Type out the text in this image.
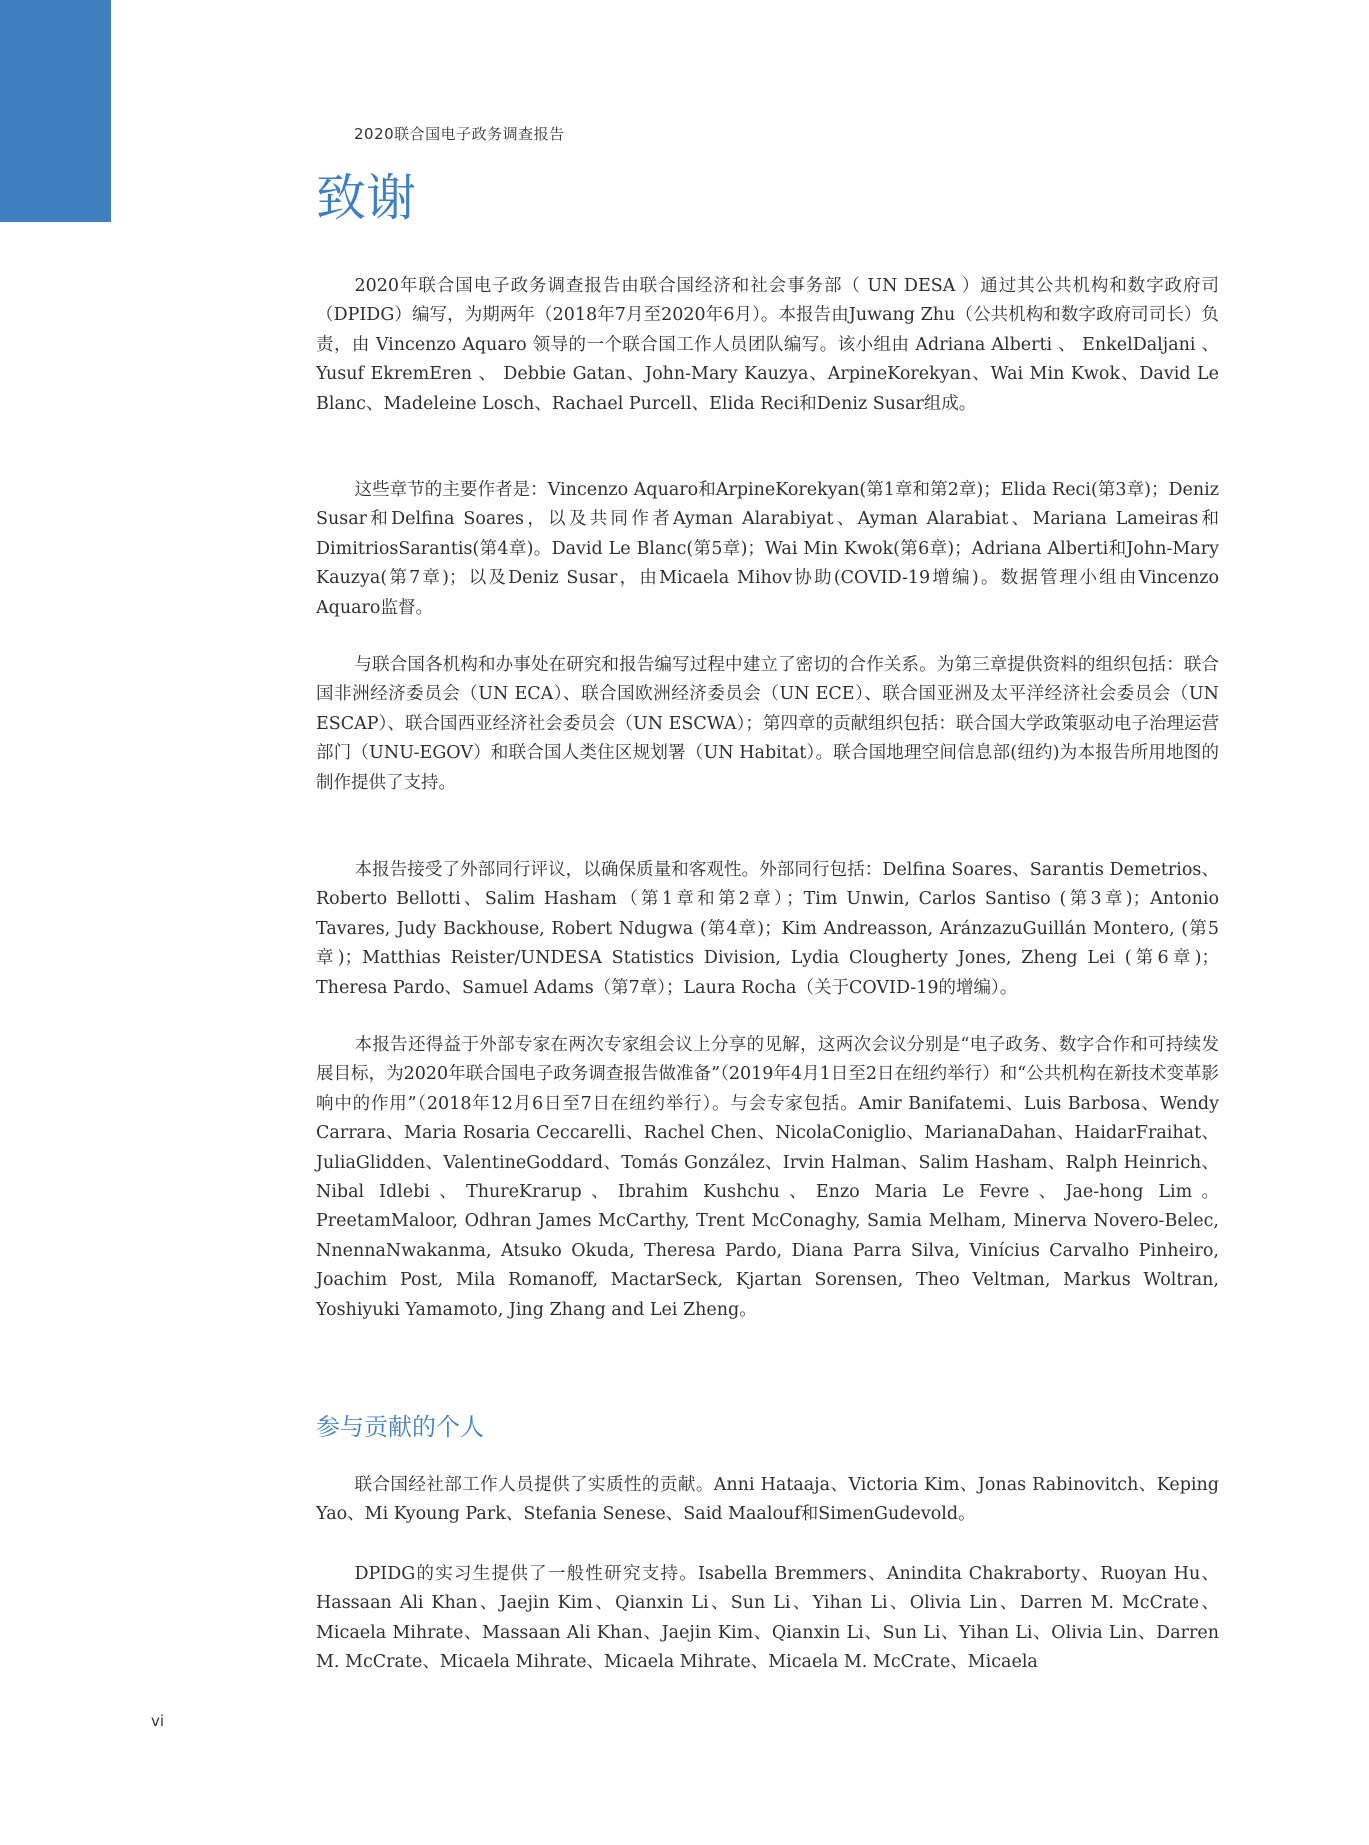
2020联合国电子政务调查报告
致谢

2020年联合国电子政务调查报告由联合国经济和社会事务部（ UN DESA ）通过其公共机构和数字政府司（DPIDG）编写，为期两年（2018年7月至2020年6月）。本报告由Juwang Zhu（公共机构和数字政府司司长）负责，由 Vincenzo Aquaro 领导的一个联合国工作人员团队编写。该小组由 Adriana Alberti 、 EnkelDaljani 、 Yusuf EkremEren 、 Debbie Gatan、John-Mary Kauzya、ArpineKorekyan、Wai Min Kwok、David Le Blanc、Madeleine Losch、Rachael Purcell、Elida Reci和Deniz Susar组成。

这些章节的主要作者是：Vincenzo Aquaro和ArpineKorekyan(第1章和第2章)；Elida Reci(第3章)；Deniz Susar和Delfina Soares，以及共同作者Ayman Alarabiyat、Ayman Alarabiat、Mariana Lameiras和DimitriosSarantis(第4章)。David Le Blanc(第5章)；Wai Min Kwok(第6章)；Adriana Alberti和John-Mary Kauzya(第7章)；以及Deniz Susar，由Micaela Mihov协助(COVID-19增编)。数据管理小组由Vincenzo Aquaro监督。

与联合国各机构和办事处在研究和报告编写过程中建立了密切的合作关系。为第三章提供资料的组织包括：联合国非洲经济委员会（UN ECA）、联合国欧洲经济委员会（UN ECE）、联合国亚洲及太平洋经济社会委员会（UN ESCAP）、联合国西亚经济社会委员会（UN ESCWA）；第四章的贡献组织包括：联合国大学政策驱动电子治理运营部门（UNU-EGOV）和联合国人类住区规划署（UN Habitat）。联合国地理空间信息部(纽约)为本报告所用地图的制作提供了支持。

本报告接受了外部同行评议，以确保质量和客观性。外部同行包括：Delfina Soares、Sarantis Demetrios、Roberto Bellotti、Salim Hasham（第1章和第2章）；Tim Unwin, Carlos Santiso (第3章)；Antonio Tavares, Judy Backhouse, Robert Ndugwa (第4章)；Kim Andreasson, AránzazuGuillán Montero, (第5章)；Matthias Reister/UNDESA Statistics Division, Lydia Clougherty Jones, Zheng Lei (第6章)；Theresa Pardo、Samuel Adams（第7章）；Laura Rocha（关于COVID-19的增编）。

本报告还得益于外部专家在两次专家组会议上分享的见解，这两次会议分别是“电子政务、数字合作和可持续发展目标，为2020年联合国电子政务调查报告做准备”（2019年4月1日至2日在纽约举行）和“公共机构在新技术变革影响中的作用”（2018年12月6日至7日在纽约举行）。与会专家包括。Amir Banifatemi、Luis Barbosa、Wendy Carrara、Maria Rosaria Ceccarelli、Rachel Chen、NicolaConiglio、MarianaDahan、HaidarFraihat、JuliaGlidden、ValentineGoddard、Tomás González、Irvin Halman、Salim Hasham、Ralph Heinrich、Nibal Idlebi、ThureKrarup、Ibrahim Kushchu、Enzo Maria Le Fevre、Jae-hong Lim。PreetamMaloor, Odhran James McCarthy, Trent McConaghy, Samia Melham, Minerva Novero-Belec, NnennaNwakanma, Atsuko Okuda, Theresa Pardo, Diana Parra Silva, Vinícius Carvalho Pinheiro, Joachim Post, Mila Romanoff, MactarSeck, Kjartan Sorensen, Theo Veltman, Markus Woltran, Yoshiyuki Yamamoto, Jing Zhang and Lei Zheng。

参与贡献的个人

联合国经社部工作人员提供了实质性的贡献。Anni Hataaja、Victoria Kim、Jonas Rabinovitch、Keping Yao、Mi Kyoung Park、Stefania Senese、Said Maalouf和SimenGudevold。

DPIDG的实习生提供了一般性研究支持。Isabella Bremmers、Anindita Chakraborty、Ruoyan Hu、Hassaan Ali Khan、Jaejin Kim、Qianxin Li、Sun Li、Yihan Li、Olivia Lin、Darren M. McCrate、Micaela Mihrate、Massaan Ali Khan、Jaejin Kim、Qianxin Li、Sun Li、Yihan Li、Olivia Lin、Darren M. McCrate、Micaela Mihrate、Micaela Mihrate、Micaela M. McCrate、Micaela

vi
